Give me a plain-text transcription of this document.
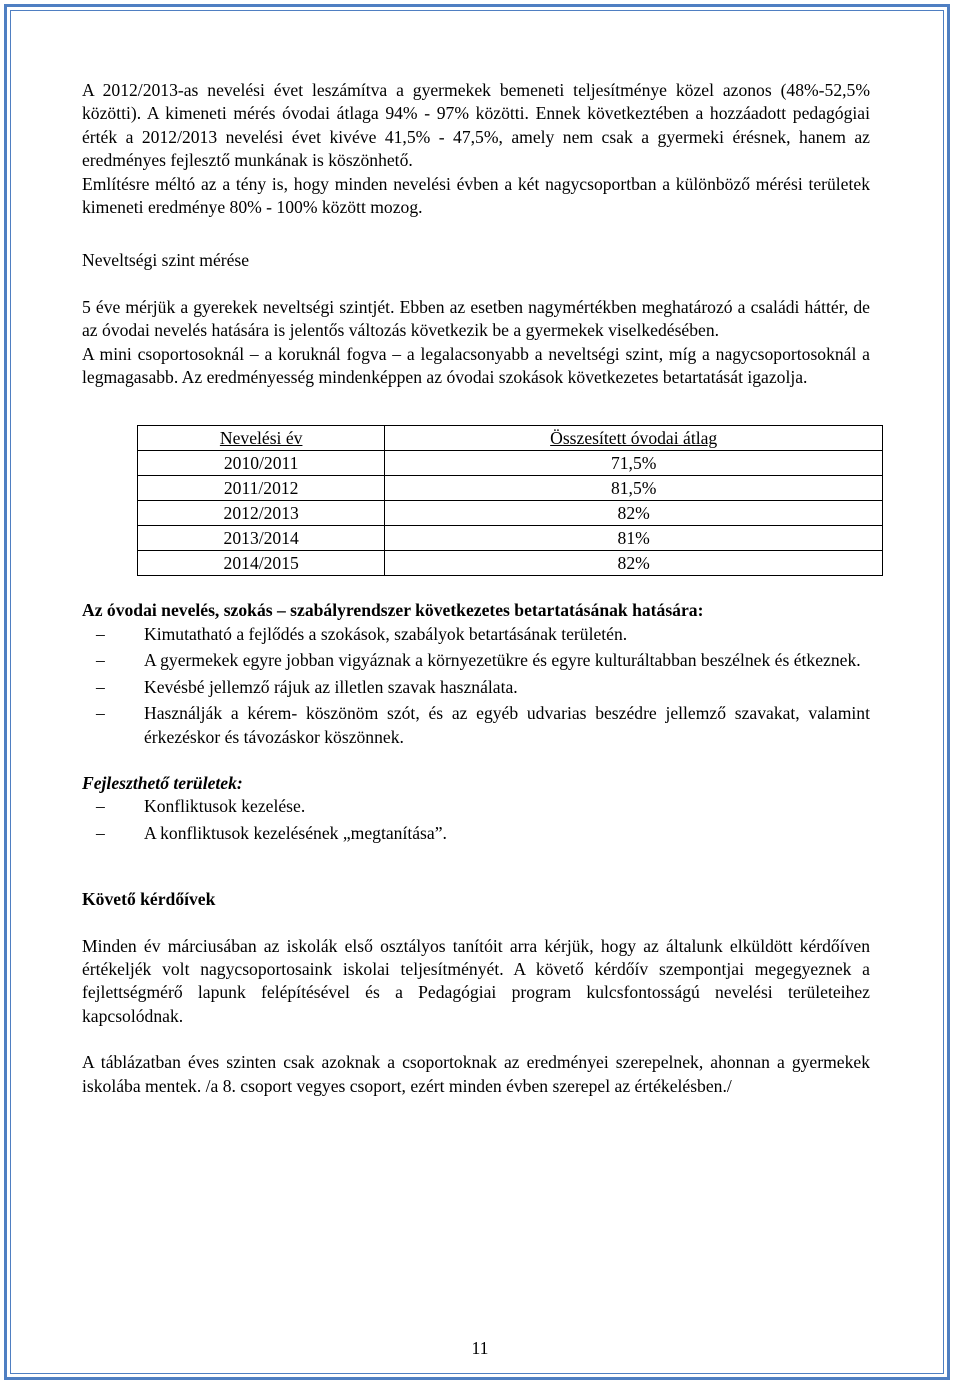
A 2012/2013-as nevelési évet leszámítva a gyermekek bemeneti teljesítménye közel azonos (48%-52,5% közötti). A kimeneti mérés óvodai átlaga 94% - 97% közötti. Ennek következtében a hozzáadott pedagógiai érték a 2012/2013 nevelési évet kivéve 41,5% - 47,5%, amely nem csak a gyermeki érésnek, hanem az eredményes fejlesztő munkának is köszönhető.

Említésre méltó az a tény is, hogy minden nevelési évben a két nagycsoportban a különböző mérési területek kimeneti eredménye 80% - 100% között mozog.

Neveltségi szint mérése

5 éve mérjük a gyerekek neveltségi szintjét. Ebben az esetben nagymértékben meghatározó a családi háttér, de az óvodai nevelés hatására is jelentős változás következik be a gyermekek viselkedésében.

A mini csoportosoknál – a koruknál fogva – a legalacsonyabb a neveltségi szint, míg a nagycsoportosoknál a legmagasabb. Az eredményesség mindenképpen az óvodai szokások következetes betartatását igazolja.

Nevelési év	Összesített óvodai átlag
2010/2011	71,5%
2011/2012	81,5%
2012/2013	82%
2013/2014	81%
2014/2015	82%

Az óvodai nevelés, szokás – szabályrendszer következetes betartatásának hatására:

– Kimutatható a fejlődés a szokások, szabályok betartásának területén.
– A gyermekek egyre jobban vigyáznak a környezetükre és egyre kulturáltabban beszélnek és étkeznek.
– Kevésbé jellemző rájuk az illetlen szavak használata.
– Használják a kérem- köszönöm szót, és az egyéb udvarias beszédre jellemző szavakat, valamint érkezéskor és távozáskor köszönnek.

Fejleszthető területek:

– Konfliktusok kezelése.
– A konfliktusok kezelésének „megtanítása”.

Követő kérdőívek

Minden év márciusában az iskolák első osztályos tanítóit arra kérjük, hogy az általunk elküldött kérdőíven értékeljék volt nagycsoportosaink iskolai teljesítményét. A követő kérdőív szempontjai megegyeznek a fejlettségmérő lapunk felépítésével és a Pedagógiai program kulcsfontosságú nevelési területeihez kapcsolódnak.

A táblázatban éves szinten csak azoknak a csoportoknak az eredményei szerepelnek, ahonnan a gyermekek iskolába mentek. /a 8. csoport vegyes csoport, ezért minden évben szerepel az értékelésben./

11
